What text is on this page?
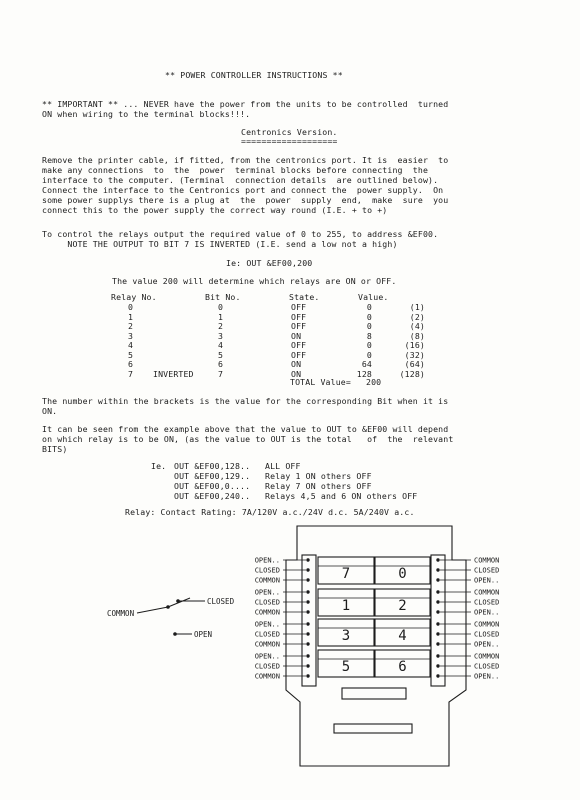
** POWER CONTROLLER INSTRUCTIONS **
** IMPORTANT ** ... NEVER have the power from the units to be controlled  turned
ON when wiring to the terminal blocks!!!.
Centronics Version.
===================
Remove the printer cable, if fitted, from the centronics port. It is  easier  to
make any connections  to  the  power  terminal blocks before connecting  the
interface to the computer. (Terminal  connection details  are outlined below).
Connect the interface to the Centronics port and connect the  power supply.  On
some power supplys there is a plug at  the  power  supply  end,  make  sure  you
connect this to the power supply the correct way round (I.E. + to +)
To control the relays output the required value of 0 to 255, to address &EF00.
NOTE THE OUTPUT TO BIT 7 IS INVERTED (I.E. send a low not a high)
Ie: OUT &EF00,200
The value 200 will determine which relays are ON or OFF.
Relay No.	Bit No.	State.	Value.
0	0	OFF	0	(1)
1	1	OFF	0	(2)
2	2	OFF	0	(4)
3	3	ON	8	(8)
4	4	OFF	0	(16)
5	5	OFF	0	(32)
6	6	ON	64	(64)
7 INVERTED	7	ON	128	(128)
TOTAL Value= 200
The number within the brackets is the value for the corresponding Bit when it is
ON.
It can be seen from the example above that the value to OUT to &EF00 will depend
on which relay is to be ON, (as the value to OUT is the total   of  the  relevant
BITS)
Ie. OUT &EF00,128.. ALL OFF
OUT &EF00,129.. Relay 1 ON others OFF
OUT &EF00,0.... Relay 7 ON others OFF
OUT &EF00,240.. Relays 4,5 and 6 ON others OFF
Relay: Contact Rating: 7A/120V a.c./24V d.c. 5A/240V a.c.
7	0
1	2
3	4
5	6
OPEN..
CLOSED
COMMON
OPEN..
CLOSED
COMMON
OPEN..
CLOSED
COMMON
OPEN..
CLOSED
COMMON
COMMON
CLOSED
OPEN..
COMMON
CLOSED
OPEN..
COMMON
CLOSED
OPEN..
COMMON
CLOSED
OPEN..
COMMON
CLOSED
OPEN
